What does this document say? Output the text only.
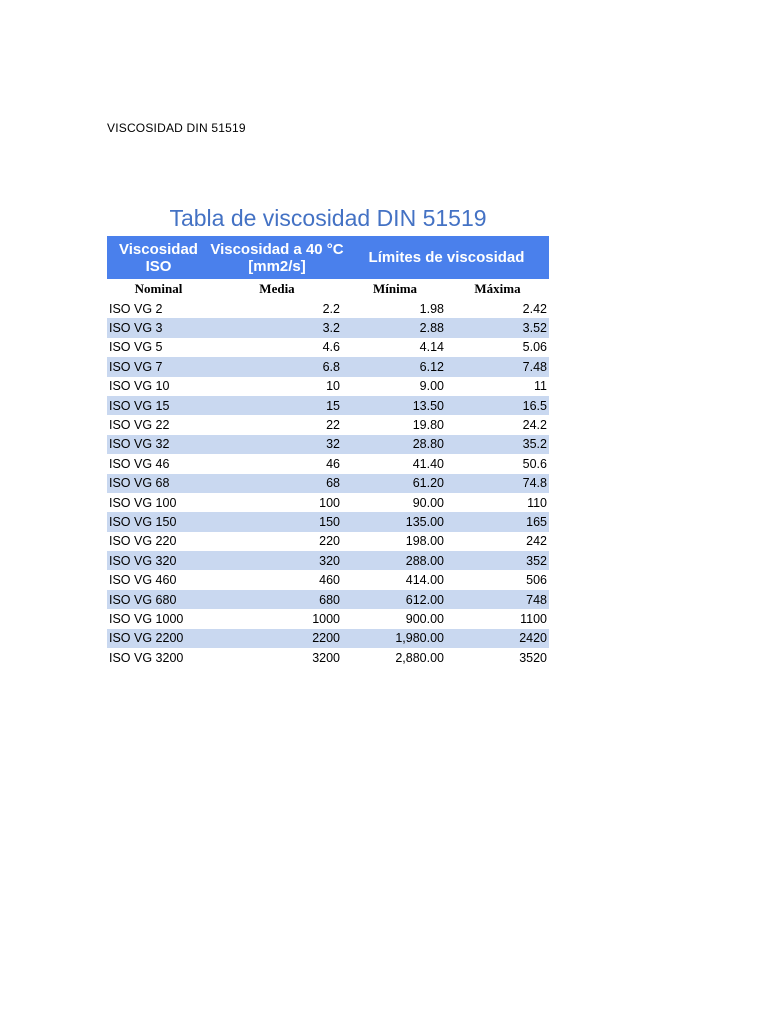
VISCOSIDAD DIN 51519
Tabla de viscosidad DIN 51519
Viscosidad ISO
Viscosidad a 40 °C [mm2/s]	Límites de viscosidad
Nominal	Media	Mínima	Máxima
ISO VG 2	2.2	1.98	2.42
ISO VG 3	3.2	2.88	3.52
ISO VG 5	4.6	4.14	5.06
ISO VG 7	6.8	6.12	7.48
ISO VG 10	10	9.00	11
ISO VG 15	15	13.50	16.5
ISO VG 22	22	19.80	24.2
ISO VG 32	32	28.80	35.2
ISO VG 46	46	41.40	50.6
ISO VG 68	68	61.20	74.8
ISO VG 100	100	90.00	110
ISO VG 150	150	135.00	165
ISO VG 220	220	198.00	242
ISO VG 320	320	288.00	352
ISO VG 460	460	414.00	506
ISO VG 680	680	612.00	748
ISO VG 1000	1000	900.00	1100
ISO VG 2200	2200	1,980.00	2420
ISO VG 3200	3200	2,880.00	3520
